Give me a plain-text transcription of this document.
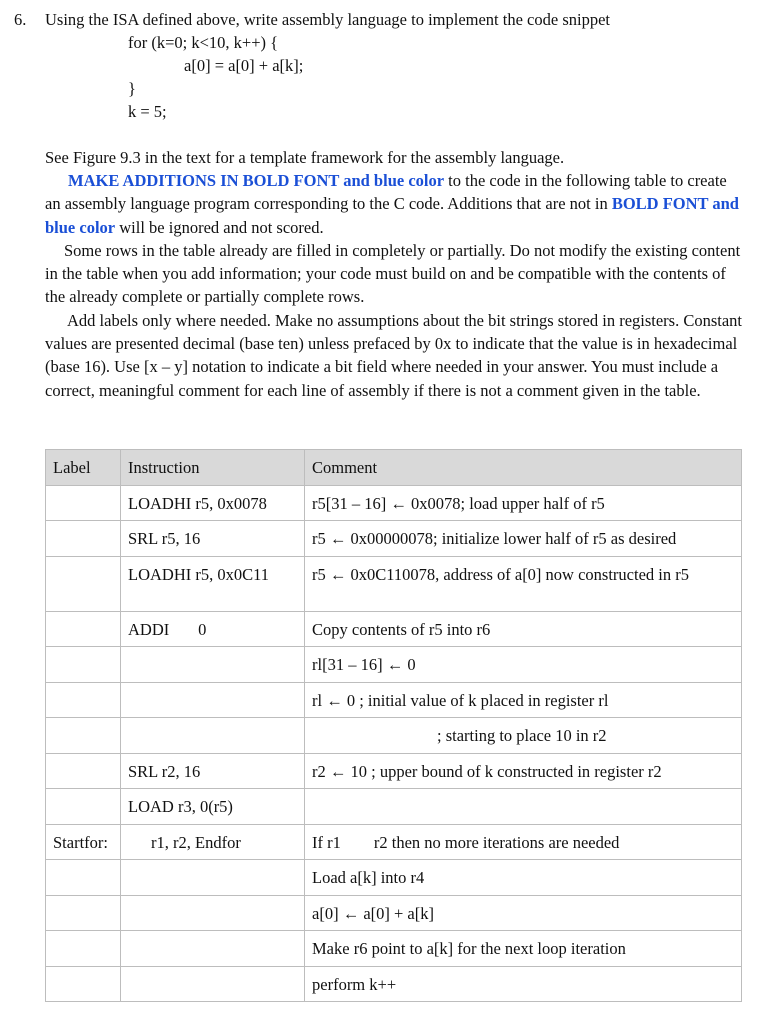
6. Using the ISA defined above, write assembly language to implement the code snippet
for (k=0; k<10, k++) {
a[0] = a[0] + a[k];
}
k = 5;
See Figure 9.3 in the text for a template framework for the assembly language.
MAKE ADDITIONS IN BOLD FONT and blue color to the code in the following table to create an assembly language program corresponding to the C code. Additions that are not in BOLD FONT and blue color will be ignored and not scored.
Some rows in the table already are filled in completely or partially. Do not modify the existing content in the table when you add information; your code must build on and be compatible with the contents of the already complete or partially complete rows.
Add labels only where needed. Make no assumptions about the bit strings stored in registers. Constant values are presented decimal (base ten) unless prefaced by 0x to indicate that the value is in hexadecimal (base 16). Use [x – y] notation to indicate a bit field where needed in your answer. You must include a correct, meaningful comment for each line of assembly if there is not a comment given in the table.
Label	Instruction	Comment
	LOADHI r5, 0x0078	r5[31 – 16] ← 0x0078; load upper half of r5
	SRL r5, 16	r5 ← 0x00000078; initialize lower half of r5 as desired
	LOADHI r5, 0x0C11	r5 ← 0x0C110078, address of a[0] now constructed in r5
	ADDI       0	Copy contents of r5 into r6
		rl[31 – 16] ← 0
		rl ← 0 ; initial value of k placed in register rl
		; starting to place 10 in r2
	SRL r2, 16	r2 ← 10 ; upper bound of k constructed in register r2
	LOAD r3, 0(r5)	
Startfor:	r1, r2, Endfor	If r1        r2 then no more iterations are needed
		Load a[k] into r4
		a[0] ← a[0] + a[k]
		Make r6 point to a[k] for the next loop iteration
		perform k++
